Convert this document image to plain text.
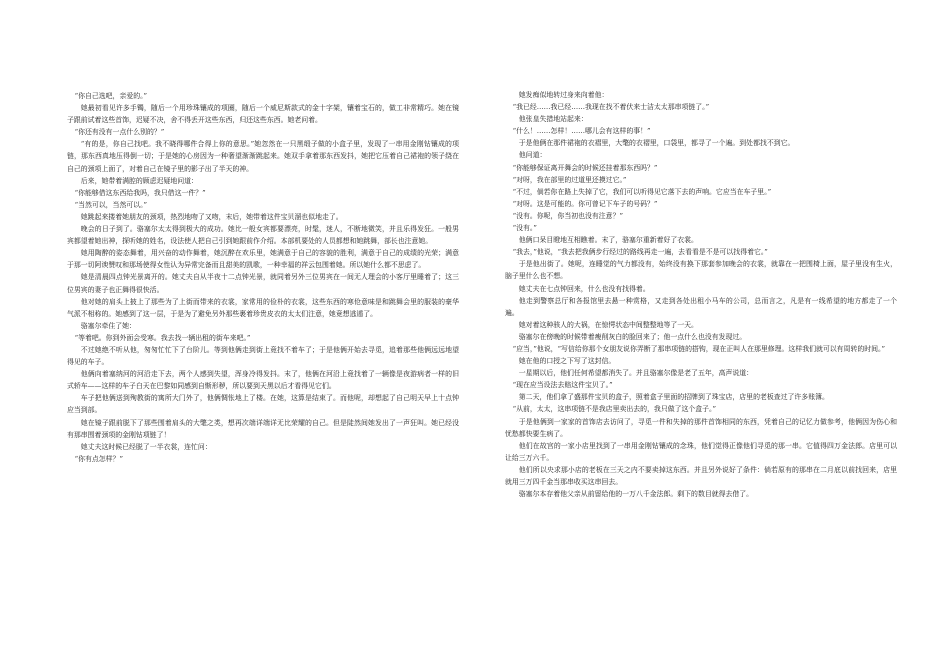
“你自己选吧，亲爱的。”

她最初看见许多手镯，随后一个用珍珠镶成的项圈，随后一个威尼斯款式的金十字架，镶着宝石的，做工非常精巧。她在镜子跟前试着这些首饰，迟疑不决，舍不得丢开这些东西，归还这些东西。她老问着。

“你还有没有一点什么别的？”

“有的是，你自己找吧。我不晓得哪件合得上你的意思。”她忽然在一只黑缎子做的小盒子里，发现了一串用金刚钻镶成的项链，那东西真地压得倒一切；于是她的心房因为一种奢望渐渐跳起来。她双手拿着那东西发抖，她把它压着自己裙袍的领子绕在自己的颈项上面了，对着自己在镜子里的影子出了半天的神。

后来，她带着满腔的顾虑迟疑地问道：

“你能够借这东西给我吗，我只借这一件？”

“当然可以，当然可以。”

她跳起来搂着她朋友的颈项，热烈地吻了又吻，末后，她带着这件宝贝溜也似地走了。

晚会的日子到了。骆塞尔太太得到极大的成功。她比一般女宾都要漂亮，时髦，迷人，不断地微笑，并且乐得发狂。一般男宾都望着她出神，探听她的姓名，设法使人把自己引到她跟前作介绍。本部机要处的人员都想和她跳舞，部长也注意她。

她用陶醉的姿态舞着，用兴奋的动作舞着，她沉醉在欢乐里，她满意于自己的容貌的胜利，满意于自己的成绩的光荣；满意于那一切阿谀赞叹和那场使得女性认为异常完备而且甜美的凯歌，一种幸福的祥云包围着她。所以她什么都不思虑了。

她是清晨四点钟光景离开的。她丈夫自从半夜十二点钟光景，就同着另外三位男宾在一间无人理会的小客厅里睡着了；这三位男宾的妻子也正舞得很快活。

他对她的肩头上披上了那些为了上街而带来的衣裳，家常用的俭朴的衣裳，这些东西的寒伧意味是和跳舞会里的服装的豪华气派不相称的。她感到了这一层，于是为了避免另外那些裹着珍贵皮衣的太太们注意，她竟想逃遁了。

骆塞尔牵住了她：

“等着吧。你到外面会受寒。我去找一辆出租的街车来吧。”

不过她绝不听从他，匆匆忙忙下了台阶儿。等到他俩走到街上竟找不着车了；于是他俩开始去寻觅，追着那些他俩远远地望得见的车子。

他俩向着塞纳河的河沿走下去，两个人感到失望，浑身冷得发抖。末了，他俩在河沿上竟找着了一辆像是夜游病者一样的旧式轿车——这样的车子白天在巴黎如同感到自惭形秽，所以要到天黑以后才看得见它们。

车子把他俩送到殉教街的寓所大门外了，他俩惆怅地上了楼。在她，这算是结束了。而他呢，却想起了自己明天早上十点钟应当到部。

她在镜子跟前脱下了那些围着肩头的大氅之类，想再次端详端详无比荣耀的自己。但是陡然间她发出了一声狂叫。她已经没有那串围着颈项的金刚钻项链了！

她丈夫这时候已经脱了一半衣裳，连忙问：

“你有点怎样？”

她发痴似地转过身来向着他：

“我已经……我已经……我现在找不着伏来士洁太太那串项链了。”

他张皇失措地站起来：

“什么！……怎样！……哪儿会有这样的事！”

于是他俩在那件裙袍的衣褶里，大氅的衣褶里，口袋里，都寻了一个遍。到处都找不到它。

他问道：

“你能够保证离开舞会的时候还挂着那东西吗？”

“对呀，我在部里的过道里还摸过它。”

“不过，倘若你在路上失掉了它，我们可以听得见它落下去的声响。它应当在车子里。”

“对呀。这是可能的。你可曾记下车子的号码？”

“没有。你呢，你当初也没有注意？”

“没有。”

他俩口呆目瞪地互相瞧着。末了，骆塞尔重新着好了衣裳。

“我去，”他说，“我去把我俩步行经过的路线再走一遍，去看看是不是可以找得着它。”

于是他出街了。她呢，连睡觉的气力都没有，始终没有换下那套参加晚会的衣裳，就靠在一把围椅上面，屋子里没有生火，脑子里什么也不想。

她丈夫在七点钟回来，什么也没有找得着。

他走到警察总厅和各报馆里去悬一种赏格，又走到各处出租小马车的公司，总而言之，凡是有一线希望的地方都走了一个遍。

她对着这种骇人的大祸，在惊愕状态中间整整地等了一天。

骆塞尔在傍晚的时候带着瘦削灰白的脸回来了；他一点什么也没有发现过。

“应当，”他说，“写信给你那个女朋友说你弄断了那串项链的搭钩，现在正叫人在那里修理。这样我们就可以有周转的时间。”

她在他的口授之下写了这封信。

一星期以后，他们任何希望都消失了。并且骆塞尔像是老了五年，高声说道：

“现在应当设法去赔这件宝贝了。”

第二天，他们拿了盛那件宝贝的盒子，照着盒子里面的招牌到了珠宝店，店里的老板查过了许多账簿。

“从前，太太，这串项链不是我店里卖出去的，我只做了这个盒子。”

于是他俩到一家家的首饰店去访问了，寻觅一件和失掉的那件首饰相同的东西，凭着自己的记忆力做参考，他俩因为伤心和忧愁都快要生病了。

他们在故宫的一家小店里找到了一串用金刚钻镶成的念珠，他们觉得正像他们寻觅的那一串。它值得四万金法郎。店里可以让给三万六千。

他们所以央求那小店的老板在三天之内不要卖掉这东西。并且另外说好了条件：倘若原有的那串在二月底以前找回来，店里就用三万四千金当那串收买这串回去。

骆塞尔本存着他父亲从前留给他的一万八千金法郎。剩下的数目就得去借了。
